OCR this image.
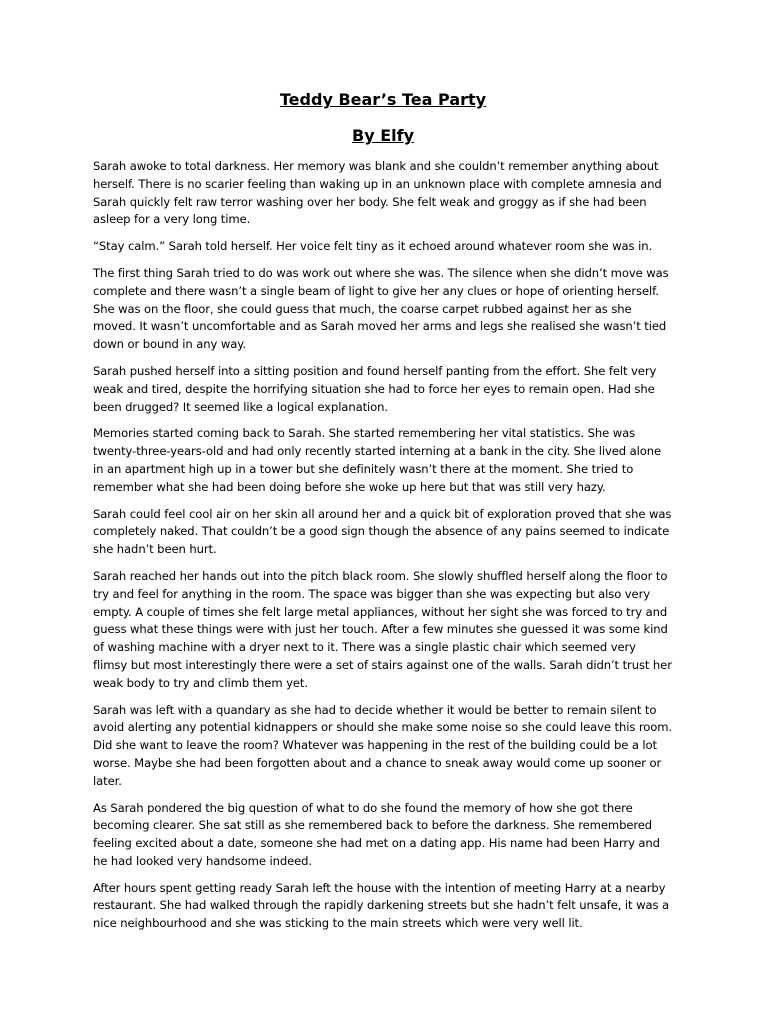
Teddy Bear’s Tea Party
By Elfy

Sarah awoke to total darkness. Her memory was blank and she couldn’t remember anything about herself. There is no scarier feeling than waking up in an unknown place with complete amnesia and Sarah quickly felt raw terror washing over her body. She felt weak and groggy as if she had been asleep for a very long time.

“Stay calm.” Sarah told herself. Her voice felt tiny as it echoed around whatever room she was in.

The first thing Sarah tried to do was work out where she was. The silence when she didn’t move was complete and there wasn’t a single beam of light to give her any clues or hope of orienting herself. She was on the floor, she could guess that much, the coarse carpet rubbed against her as she moved. It wasn’t uncomfortable and as Sarah moved her arms and legs she realised she wasn’t tied down or bound in any way.

Sarah pushed herself into a sitting position and found herself panting from the effort. She felt very weak and tired, despite the horrifying situation she had to force her eyes to remain open. Had she been drugged? It seemed like a logical explanation.

Memories started coming back to Sarah. She started remembering her vital statistics. She was twenty-three-years-old and had only recently started interning at a bank in the city. She lived alone in an apartment high up in a tower but she definitely wasn’t there at the moment. She tried to remember what she had been doing before she woke up here but that was still very hazy.

Sarah could feel cool air on her skin all around her and a quick bit of exploration proved that she was completely naked. That couldn’t be a good sign though the absence of any pains seemed to indicate she hadn’t been hurt.

Sarah reached her hands out into the pitch black room. She slowly shuffled herself along the floor to try and feel for anything in the room. The space was bigger than she was expecting but also very empty. A couple of times she felt large metal appliances, without her sight she was forced to try and guess what these things were with just her touch. After a few minutes she guessed it was some kind of washing machine with a dryer next to it. There was a single plastic chair which seemed very flimsy but most interestingly there were a set of stairs against one of the walls. Sarah didn’t trust her weak body to try and climb them yet.

Sarah was left with a quandary as she had to decide whether it would be better to remain silent to avoid alerting any potential kidnappers or should she make some noise so she could leave this room. Did she want to leave the room? Whatever was happening in the rest of the building could be a lot worse. Maybe she had been forgotten about and a chance to sneak away would come up sooner or later.

As Sarah pondered the big question of what to do she found the memory of how she got there becoming clearer. She sat still as she remembered back to before the darkness. She remembered feeling excited about a date, someone she had met on a dating app. His name had been Harry and he had looked very handsome indeed.

After hours spent getting ready Sarah left the house with the intention of meeting Harry at a nearby restaurant. She had walked through the rapidly darkening streets but she hadn’t felt unsafe, it was a nice neighbourhood and she was sticking to the main streets which were very well lit.
